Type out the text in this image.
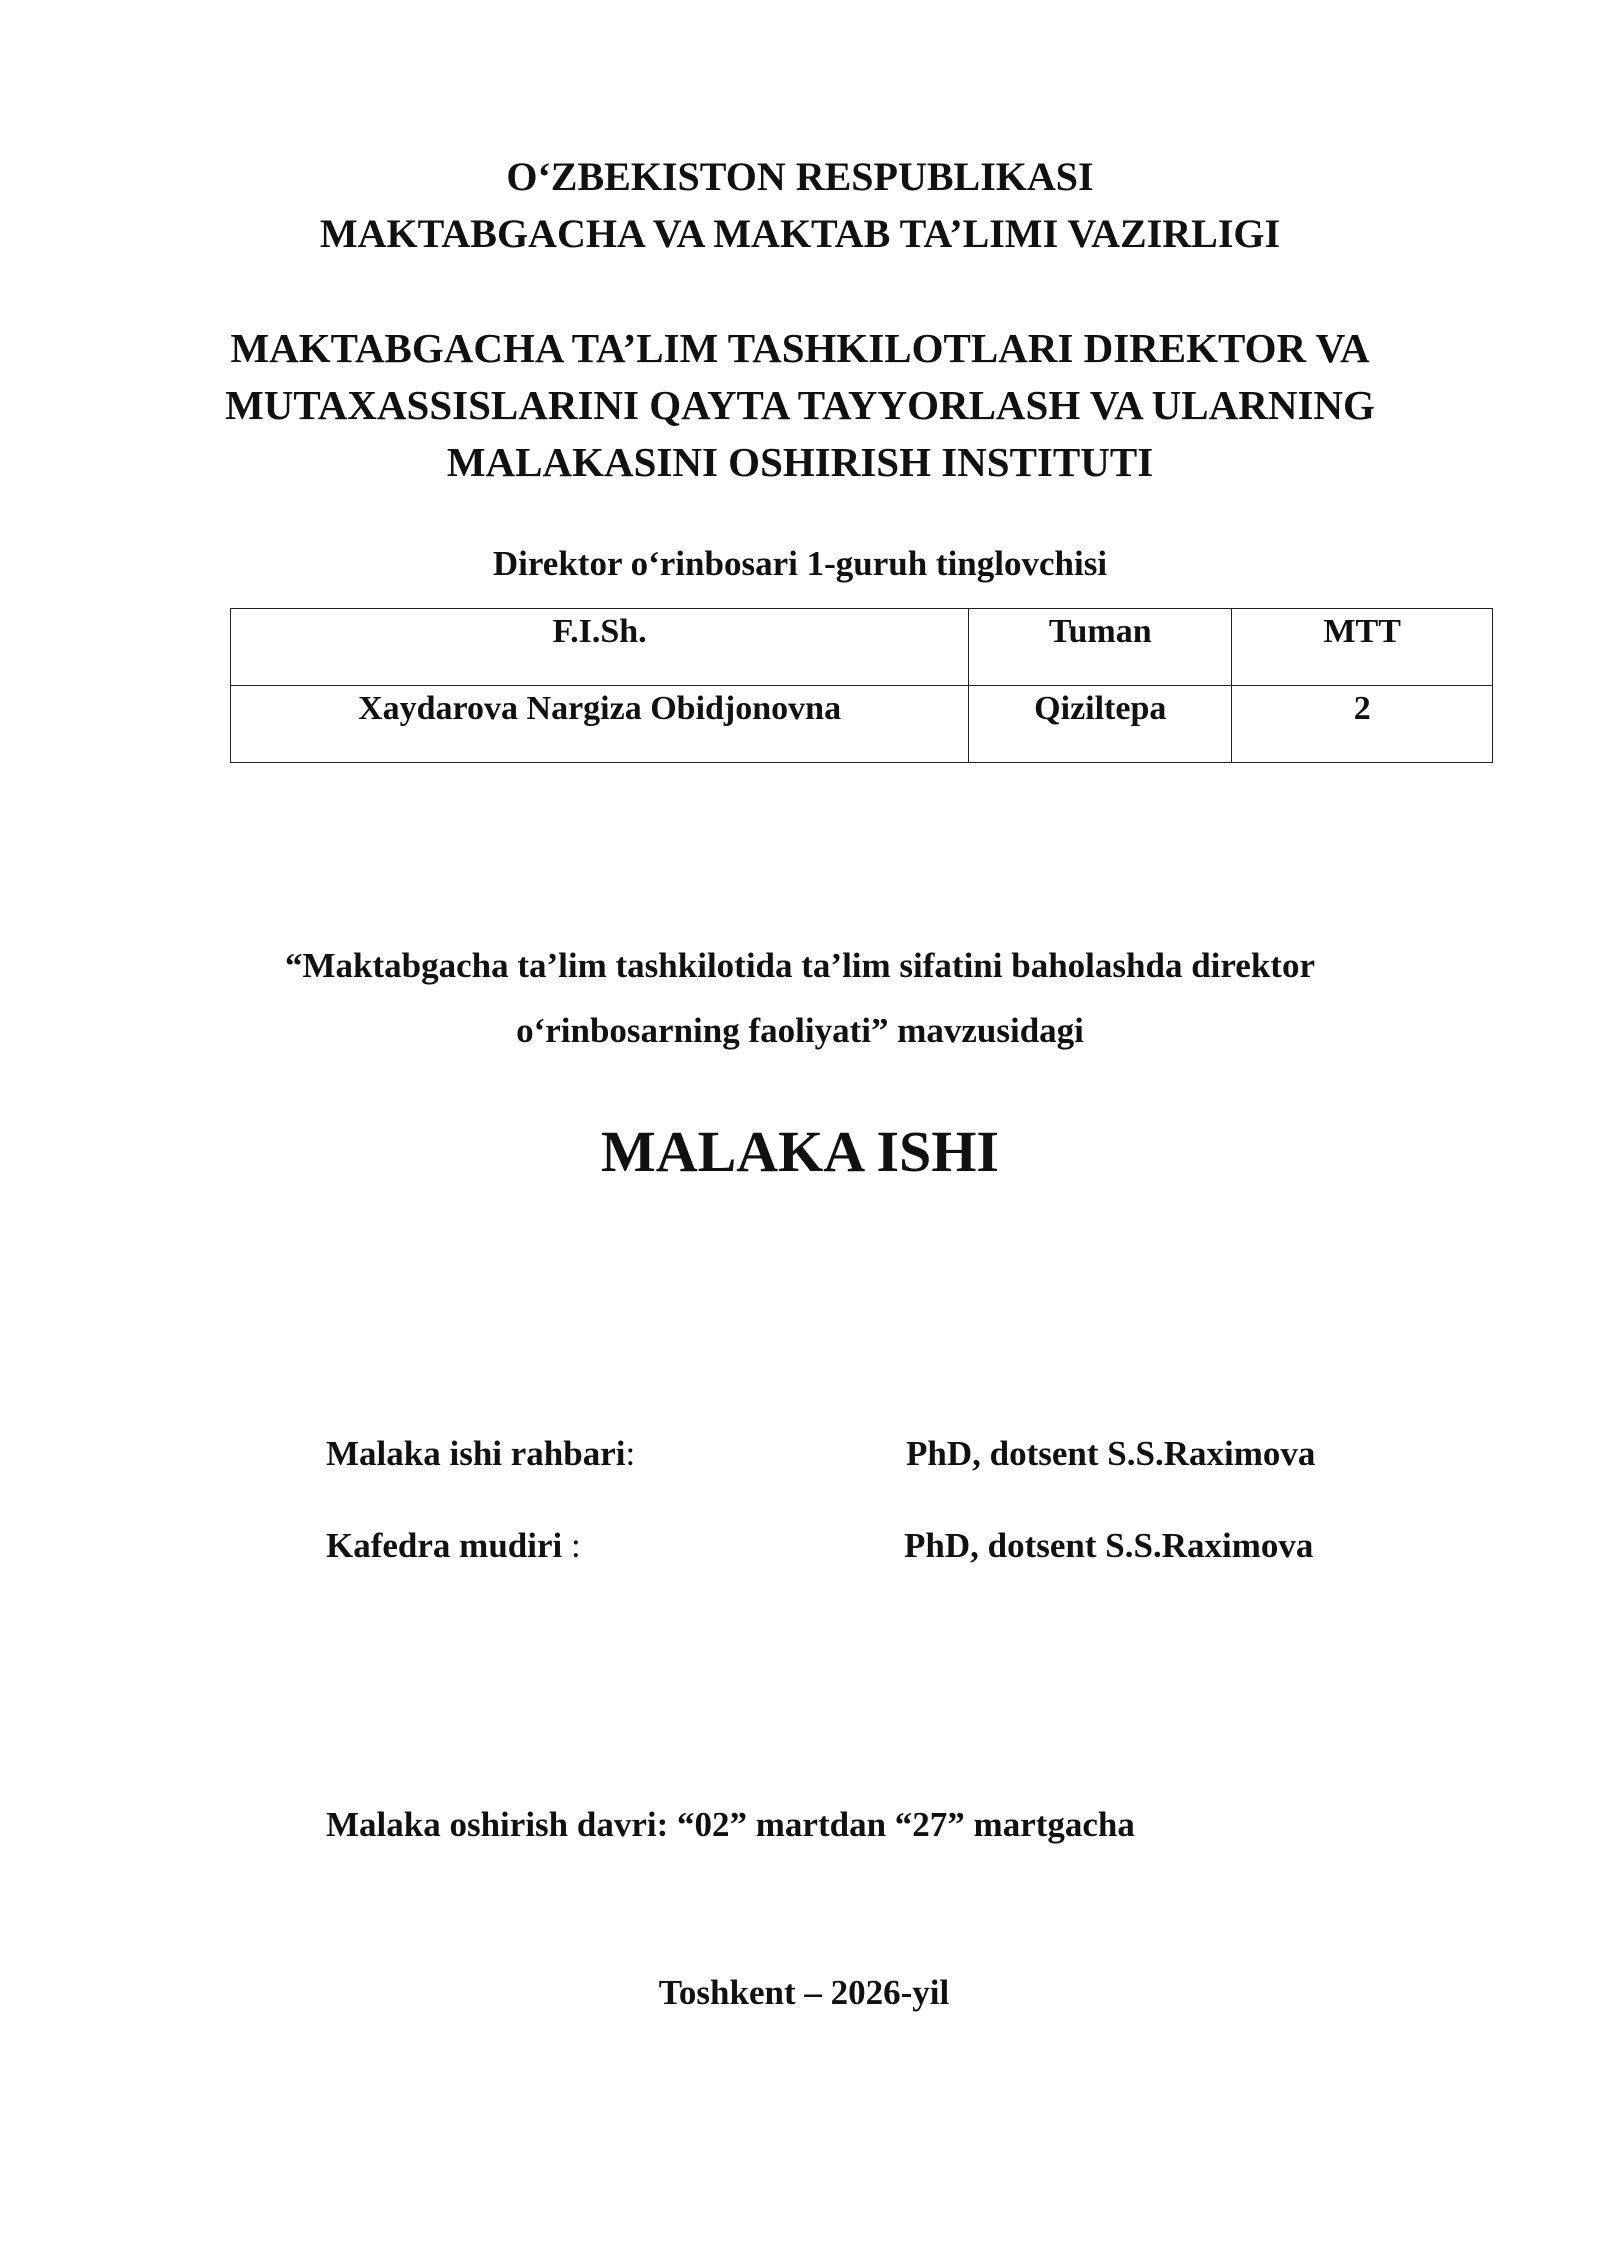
O‘ZBEKISTON RESPUBLIKASI
MAKTABGACHA VA MAKTAB TA’LIMI VAZIRLIGI
MAKTABGACHA TA’LIM TASHKILOTLARI DIREKTOR VA
MUTAXASSISLARINI QAYTA TAYYORLASH VA ULARNING
MALAKASINI OSHIRISH INSTITUTI
Direktor o‘rinbosari 1-guruh tinglovchisi
F.I.Sh.	Tuman	MTT
Xaydarova Nargiza Obidjonovna	Qiziltepa	2
“Maktabgacha ta’lim tashkilotida ta’lim sifatini baholashda direktor
o‘rinbosarning faoliyati” mavzusidagi
MALAKA ISHI
Malaka ishi rahbari:	PhD, dotsent S.S.Raximova
Kafedra mudiri :	PhD, dotsent S.S.Raximova
Malaka oshirish davri: “02” martdan “27” martgacha
Toshkent – 2026-yil
